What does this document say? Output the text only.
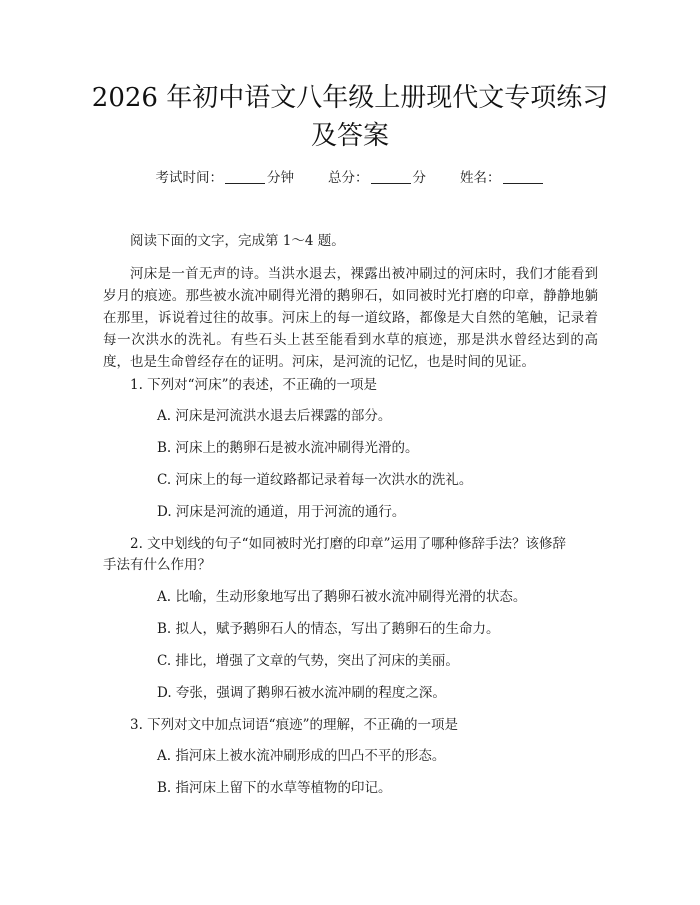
2026 年初中语文八年级上册现代文专项练习
及答案
考试时间：	分钟	总分：	分	姓名：
阅读下面的文字，完成第 1～4 题。
河床是一首无声的诗。当洪水退去，裸露出被冲刷过的河床时，我们才能看到
岁月的痕迹。那些被水流冲刷得光滑的鹅卵石，如同被时光打磨的印章，静静地躺
在那里，诉说着过往的故事。河床上的每一道纹路，都像是大自然的笔触，记录着
每一次洪水的洗礼。有些石头上甚至能看到水草的痕迹，那是洪水曾经达到的高
度，也是生命曾经存在的证明。河床，是河流的记忆，也是时间的见证。
1. 下列对“河床”的表述，不正确的一项是
A. 河床是河流洪水退去后裸露的部分。
B. 河床上的鹅卵石是被水流冲刷得光滑的。
C. 河床上的每一道纹路都记录着每一次洪水的洗礼。
D. 河床是河流的通道，用于河流的通行。
2. 文中划线的句子“如同被时光打磨的印章”运用了哪种修辞手法？该修辞
手法有什么作用？
A. 比喻，生动形象地写出了鹅卵石被水流冲刷得光滑的状态。
B. 拟人，赋予鹅卵石人的情态，写出了鹅卵石的生命力。
C. 排比，增强了文章的气势，突出了河床的美丽。
D. 夸张，强调了鹅卵石被水流冲刷的程度之深。
3. 下列对文中加点词语“痕迹”的理解，不正确的一项是
A. 指河床上被水流冲刷形成的凹凸不平的形态。
B. 指河床上留下的水草等植物的印记。
